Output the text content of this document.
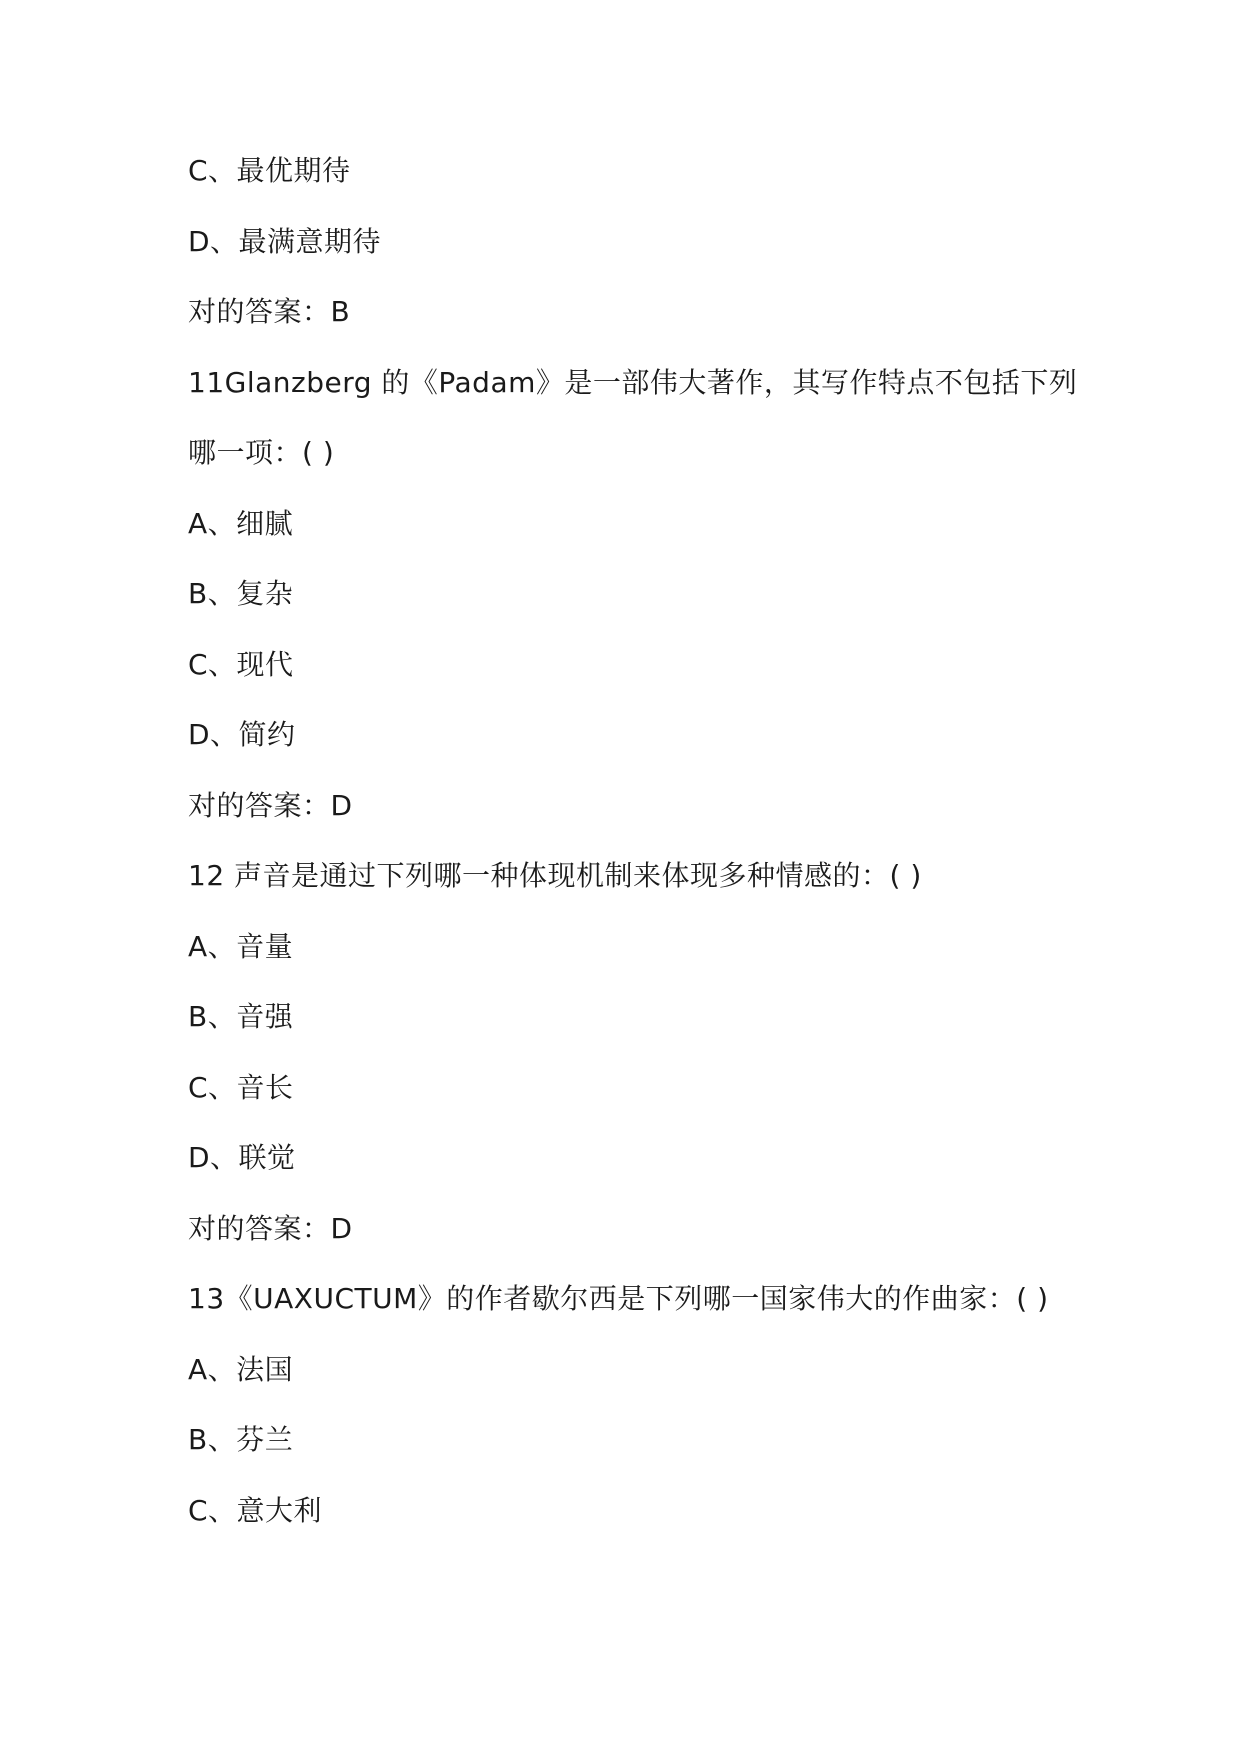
C、最优期待
D、最满意期待
对的答案：B
11Glanzberg 的《Padam》是一部伟大著作，其写作特点不包括下列
哪一项：( )
A、细腻
B、复杂
C、现代
D、简约
对的答案：D
12 声音是通过下列哪一种体现机制来体现多种情感的：( )
A、音量
B、音强
C、音长
D、联觉
对的答案：D
13《UAXUCTUM》的作者歇尔西是下列哪一国家伟大的作曲家：( )
A、法国
B、芬兰
C、意大利
